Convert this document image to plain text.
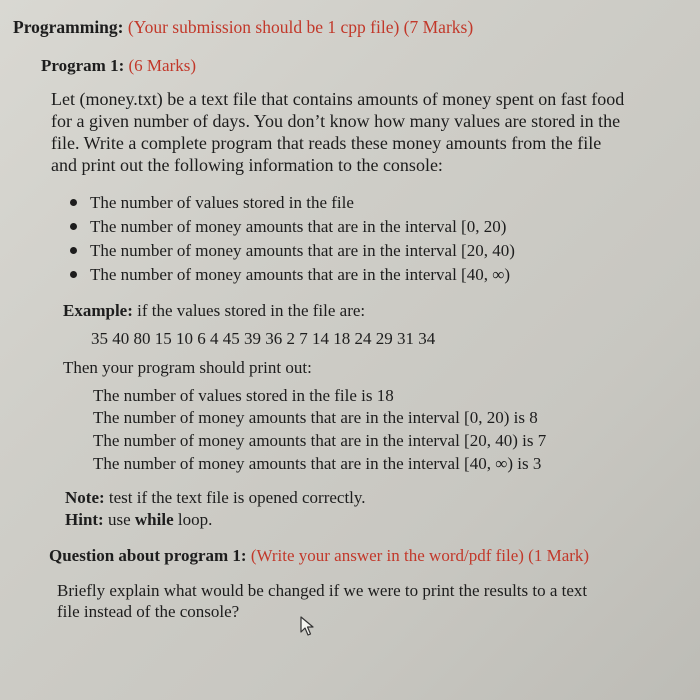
Programming: (Your submission should be 1 cpp file) (7 Marks)
Program 1: (6 Marks)
Let (money.txt) be a text file that contains amounts of money spent on fast food
for a given number of days. You don’t know how many values are stored in the
file. Write a complete program that reads these money amounts from the file
and print out the following information to the console:
The number of values stored in the file
The number of money amounts that are in the interval [0, 20)
The number of money amounts that are in the interval [20, 40)
The number of money amounts that are in the interval [40, ∞)
Example: if the values stored in the file are:
35 40 80 15 10 6 4 45 39 36 2 7 14 18 24 29 31 34
Then your program should print out:
The number of values stored in the file is 18
The number of money amounts that are in the interval [0, 20) is 8
The number of money amounts that are in the interval [20, 40) is 7
The number of money amounts that are in the interval [40, ∞) is 3
Note: test if the text file is opened correctly.
Hint: use while loop.
Question about program 1: (Write your answer in the word/pdf file) (1 Mark)
Briefly explain what would be changed if we were to print the results to a text
file instead of the console?
